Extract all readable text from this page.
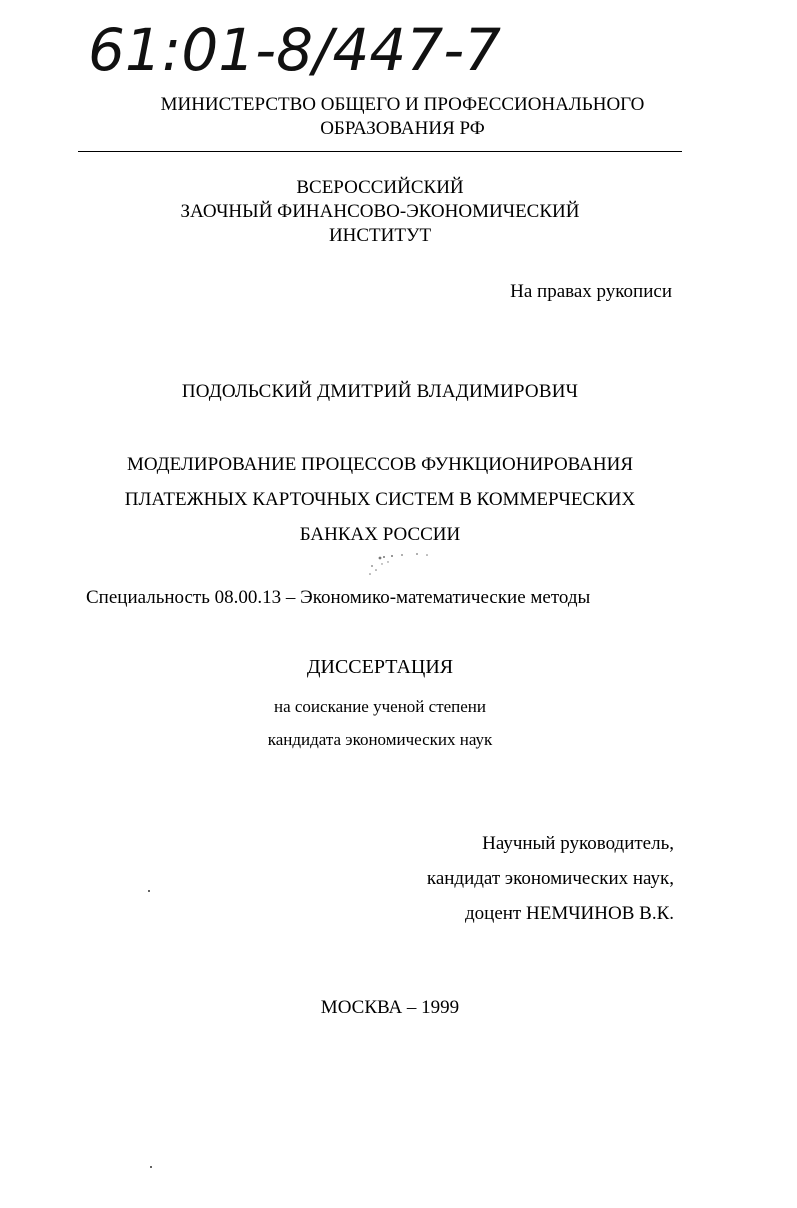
61:01-8/447-7
МИНИСТЕРСТВО ОБЩЕГО И ПРОФЕССИОНАЛЬНОГО
ОБРАЗОВАНИЯ РФ
ВСЕРОССИЙСКИЙ
ЗАОЧНЫЙ ФИНАНСОВО-ЭКОНОМИЧЕСКИЙ
ИНСТИТУТ
На правах рукописи
ПОДОЛЬСКИЙ ДМИТРИЙ ВЛАДИМИРОВИЧ
МОДЕЛИРОВАНИЕ ПРОЦЕССОВ ФУНКЦИОНИРОВАНИЯ
ПЛАТЕЖНЫХ КАРТОЧНЫХ СИСТЕМ В КОММЕРЧЕСКИХ
БАНКАХ РОССИИ
Специальность 08.00.13 – Экономико-математические методы
ДИССЕРТАЦИЯ
на соискание ученой степени
кандидата экономических наук
Научный руководитель,
кандидат экономических наук,
доцент НЕМЧИНОВ В.К.
МОСКВА – 1999
